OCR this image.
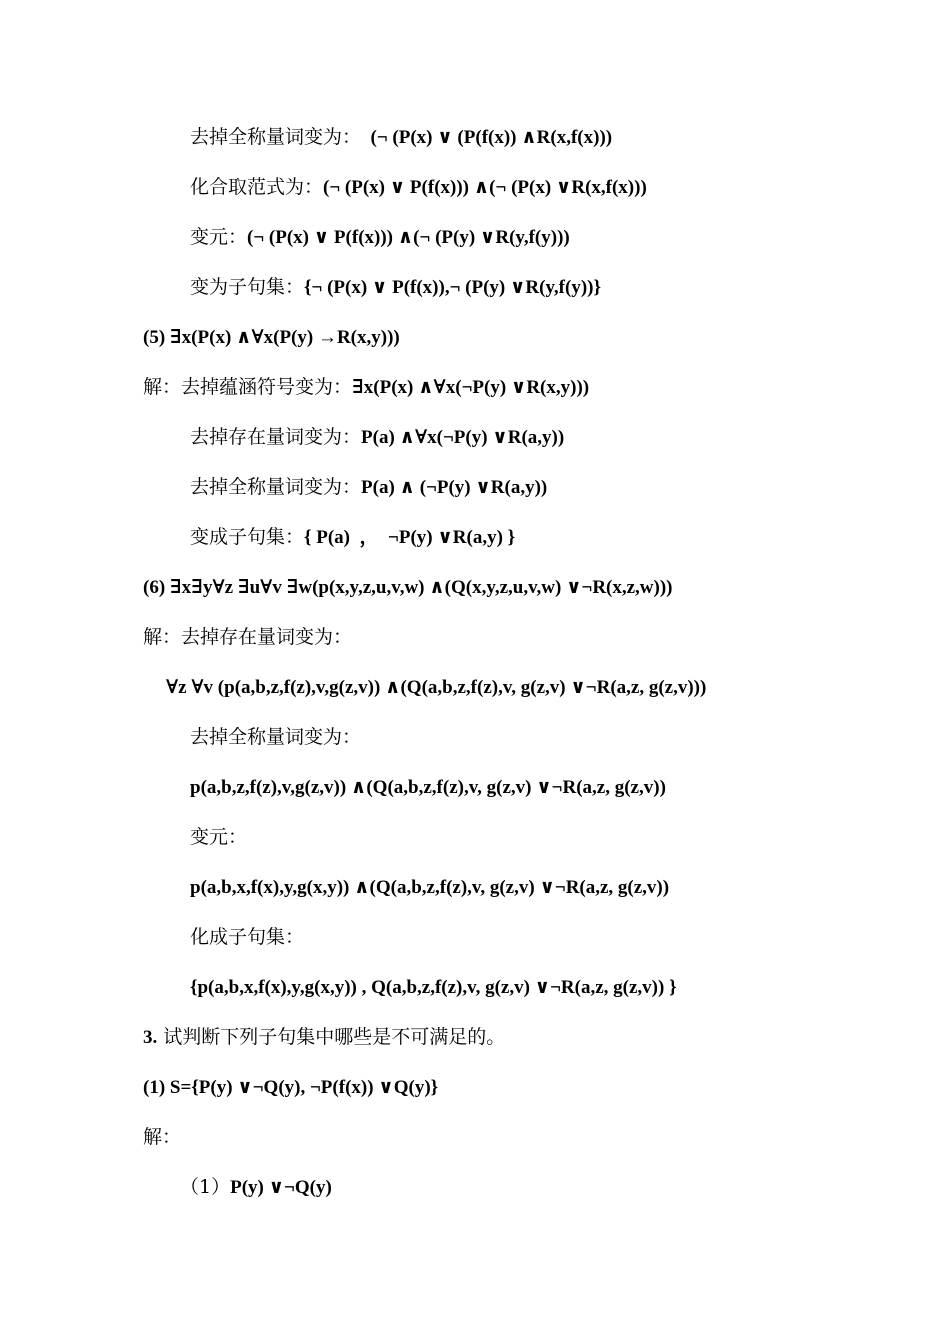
去掉全称量词变为：  (¬ (P(x) ∨ (P(f(x)) ∧R(x,f(x)))
化合取范式为：(¬ (P(x) ∨ P(f(x))) ∧(¬ (P(x) ∨R(x,f(x)))
变元：(¬ (P(x) ∨ P(f(x))) ∧(¬ (P(y) ∨R(y,f(y)))
变为子句集：{¬ (P(x) ∨ P(f(x)),¬ (P(y) ∨R(y,f(y))}
(5) ∃x(P(x) ∧∀x(P(y) →R(x,y)))
解：去掉蕴涵符号变为：∃x(P(x) ∧∀x(¬P(y) ∨R(x,y)))
去掉存在量词变为：P(a) ∧∀x(¬P(y) ∨R(a,y))
去掉全称量词变为：P(a) ∧ (¬P(y) ∨R(a,y))
变成子句集：{ P(a)  ，  ¬P(y) ∨R(a,y) }
(6) ∃x∃y∀z ∃u∀v ∃w(p(x,y,z,u,v,w) ∧(Q(x,y,z,u,v,w) ∨¬R(x,z,w)))
解：去掉存在量词变为：
∀z ∀v (p(a,b,z,f(z),v,g(z,v)) ∧(Q(a,b,z,f(z),v, g(z,v) ∨¬R(a,z, g(z,v)))
去掉全称量词变为：
p(a,b,z,f(z),v,g(z,v)) ∧(Q(a,b,z,f(z),v, g(z,v) ∨¬R(a,z, g(z,v))
变元：
p(a,b,x,f(x),y,g(x,y)) ∧(Q(a,b,z,f(z),v, g(z,v) ∨¬R(a,z, g(z,v))
化成子句集：
{p(a,b,x,f(x),y,g(x,y)) , Q(a,b,z,f(z),v, g(z,v) ∨¬R(a,z, g(z,v)) }
3. 试判断下列子句集中哪些是不可满足的。
(1) S={P(y) ∨¬Q(y), ¬P(f(x)) ∨Q(y)}
解：
（1）P(y) ∨¬Q(y)
